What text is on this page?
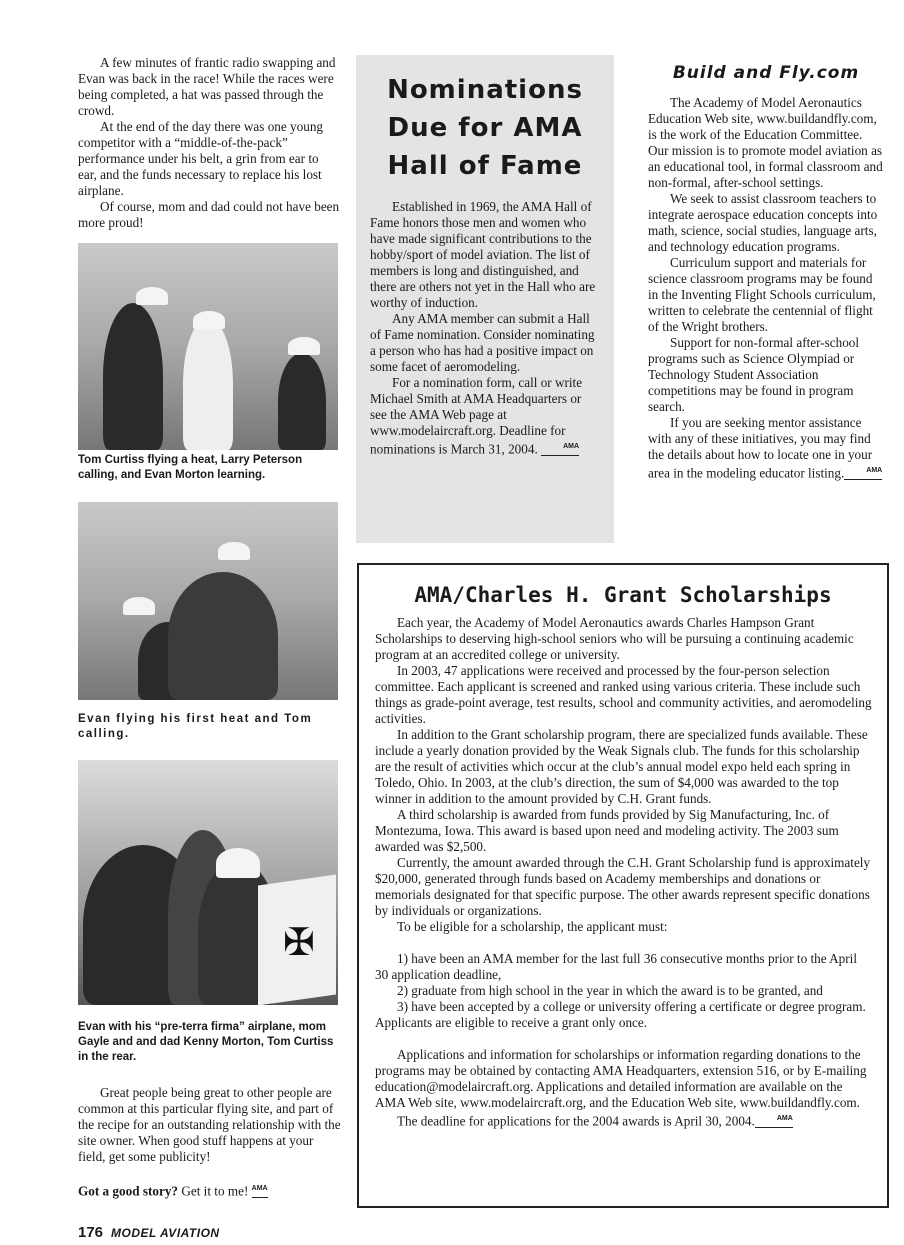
A few minutes of frantic radio swapping and Evan was back in the race! While the races were being completed, a hat was passed through the crowd.

At the end of the day there was one young competitor with a “middle-of-the-pack” performance under his belt, a grin from ear to ear, and the funds necessary to replace his lost airplane.

Of course, mom and dad could not have been more proud!

Tom Curtiss flying a heat, Larry Peterson calling, and Evan Morton learning.
Evan flying his first heat and Tom calling.
✠
Evan with his “pre-terra firma” airplane, mom Gayle and and dad Kenny Morton, Tom Curtiss in the rear.

Great people being great to other people are common at this particular flying site, and part of the recipe for an outstanding relationship with the site owner. When good stuff happens at your field, get some publicity!

Got a good story? Get it to me! AMA

Nominations Due for AMA Hall of Fame

Established in 1969, the AMA Hall of Fame honors those men and women who have made significant contributions to the hobby/sport of model aviation. The list of members is long and distinguished, and there are others not yet in the Hall who are worthy of induction.

Any AMA member can submit a Hall of Fame nomination. Consider nominating a person who has had a positive impact on some facet of aeromodeling.

For a nomination form, call or write Michael Smith at AMA Headquarters or see the AMA Web page at www.modelaircraft.org. Deadline for nominations is March 31, 2004.	AMA

Build and Fly.com

The Academy of Model Aeronautics Education Web site, www.buildandfly.com, is the work of the Education Committee. Our mission is to promote model aviation as an educational tool, in formal classroom and non-formal, after-school settings.

We seek to assist classroom teachers to integrate aerospace education concepts into math, science, social studies, language arts, and technology education programs.

Curriculum support and materials for science classroom programs may be found in the Inventing Flight Schools curriculum, written to celebrate the centennial of flight of the Wright brothers.

Support for non-formal after-school programs such as Science Olympiad or Technology Student Association competitions may be found in program search.

If you are seeking mentor assistance with any of these initiatives, you may find the details about how to locate one in your area in the modeling educator listing.	AMA

AMA/Charles H. Grant Scholarships

Each year, the Academy of Model Aeronautics awards Charles Hampson Grant Scholarships to deserving high-school seniors who will be pursuing a continuing academic program at an accredited college or university.

In 2003, 47 applications were received and processed by the four-person selection committee. Each applicant is screened and ranked using various criteria. These include such things as grade-point average, test results, school and community activities, and aeromodeling activities.

In addition to the Grant scholarship program, there are specialized funds available. These include a yearly donation provided by the Weak Signals club. The funds for this scholarship are the result of activities which occur at the club’s annual model expo held each spring in Toledo, Ohio. In 2003, at the club’s direction, the sum of $4,000 was awarded to the top winner in addition to the amount provided by C.H. Grant funds.

A third scholarship is awarded from funds provided by Sig Manufacturing, Inc. of Montezuma, Iowa. This award is based upon need and modeling activity. The 2003 sum awarded was $2,500.

Currently, the amount awarded through the C.H. Grant Scholarship fund is approximately $20,000, generated through funds based on Academy memberships and donations or memorials designated for that specific purpose. The other awards represent specific donations by individuals or organizations.

To be eligible for a scholarship, the applicant must:

1) have been an AMA member for the last full 36 consecutive months prior to the April 30 application deadline,

2) graduate from high school in the year in which the award is to be granted, and

3) have been accepted by a college or university offering a certificate or degree program. Applicants are eligible to receive a grant only once.

Applications and information for scholarships or information regarding donations to the programs may be obtained by contacting AMA Headquarters, extension 516, or by E-mailing education@modelaircraft.org. Applications and detailed information are available on the AMA Web site, www.modelaircraft.org, and the Education Web site, www.buildandfly.com.

The deadline for applications for the 2004 awards is April 30, 2004.	AMA

176 MODEL AVIATION
